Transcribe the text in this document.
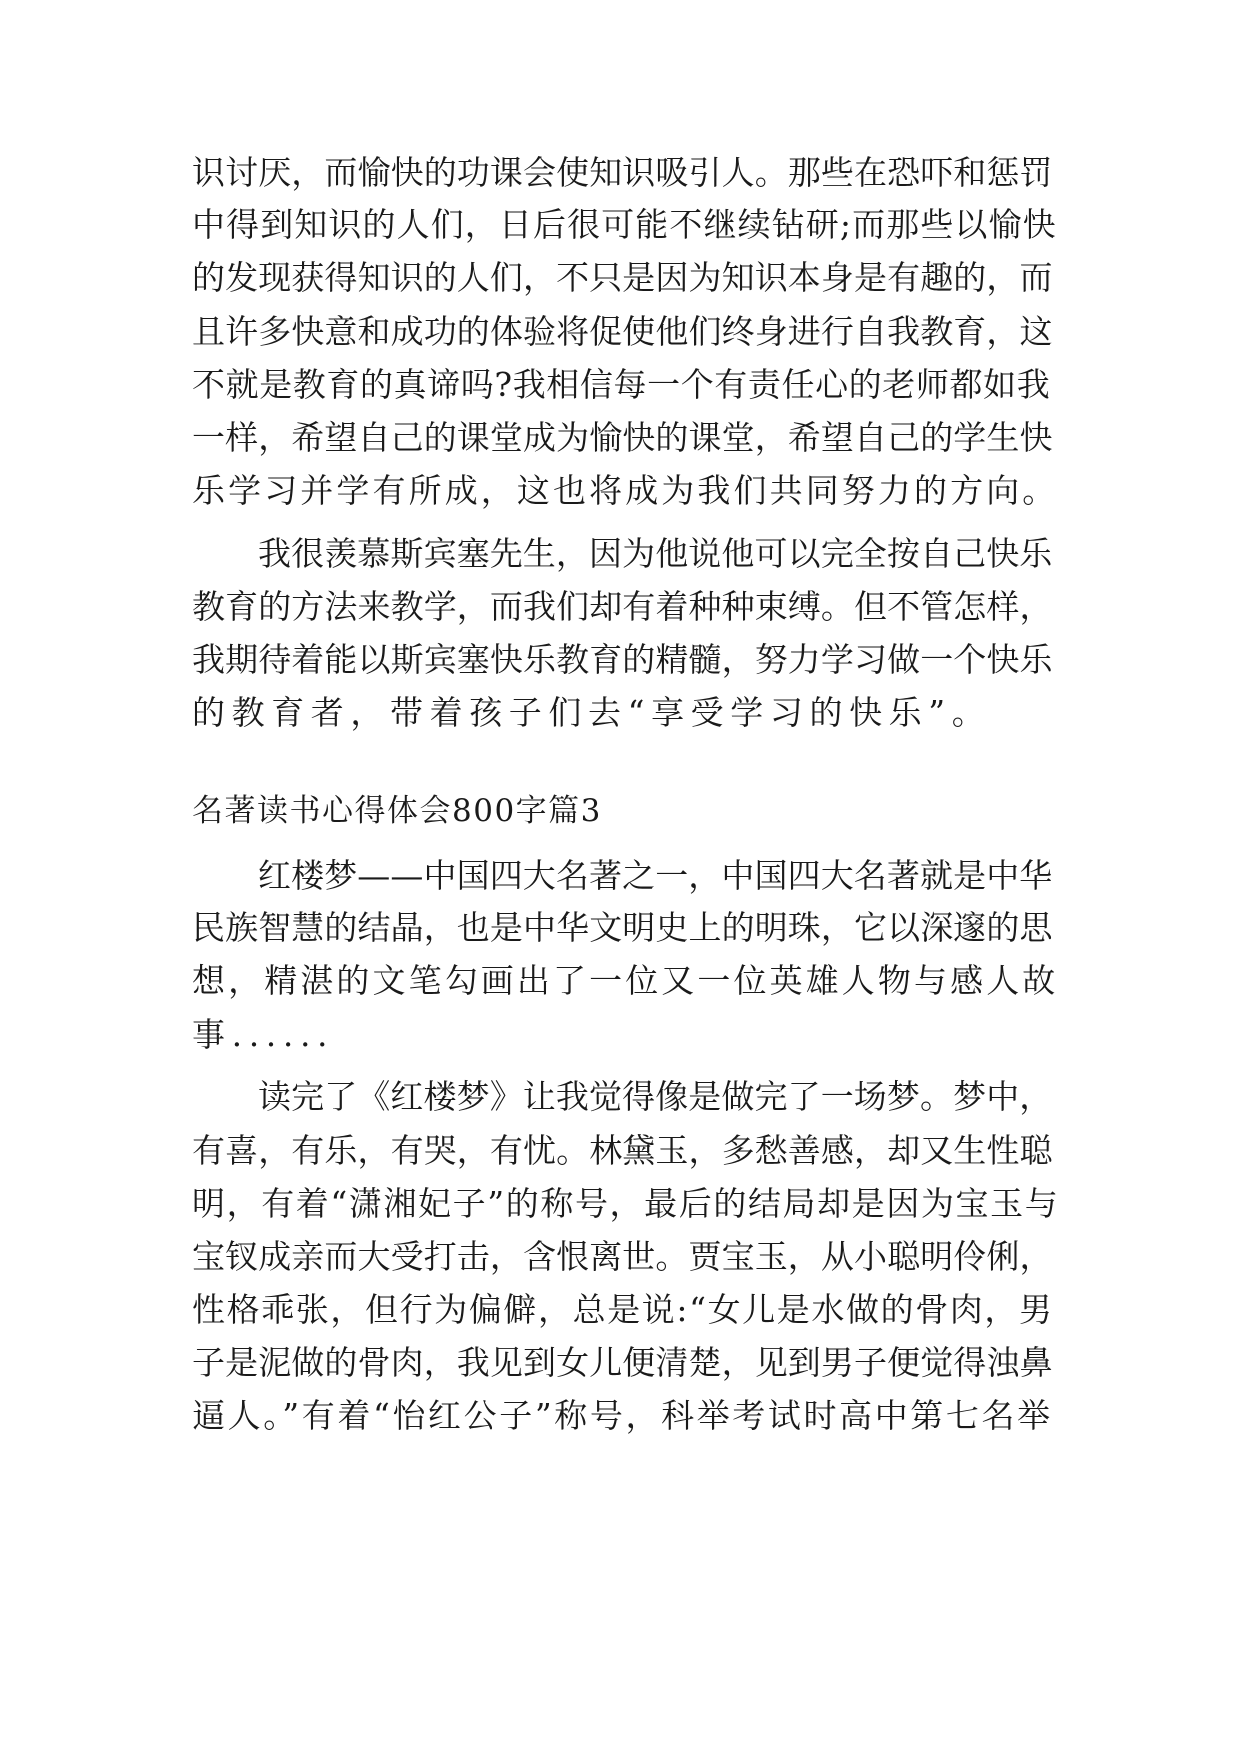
识讨厌，而愉快的功课会使知识吸引人。那些在恐吓和惩罚
中得到知识的人们，日后很可能不继续钻研;而那些以愉快
的发现获得知识的人们，不只是因为知识本身是有趣的，而
且许多快意和成功的体验将促使他们终身进行自我教育，这
不就是教育的真谛吗?我相信每一个有责任心的老师都如我
一样，希望自己的课堂成为愉快的课堂，希望自己的学生快
乐学习并学有所成，这也将成为我们共同努力的方向。
我很羡慕斯宾塞先生，因为他说他可以完全按自己快乐
教育的方法来教学，而我们却有着种种束缚。但不管怎样，
我期待着能以斯宾塞快乐教育的精髓，努力学习做一个快乐
的教育者，带着孩子们去“享受学习的快乐”。
名著读书心得体会800字篇3
红楼梦——中国四大名著之一，中国四大名著就是中华
民族智慧的结晶，也是中华文明史上的明珠，它以深邃的思
想，精湛的文笔勾画出了一位又一位英雄人物与感人故
事......
读完了《红楼梦》让我觉得像是做完了一场梦。梦中，
有喜，有乐，有哭，有忧。林黛玉，多愁善感，却又生性聪
明，有着“潇湘妃子”的称号，最后的结局却是因为宝玉与
宝钗成亲而大受打击，含恨离世。贾宝玉，从小聪明伶俐，
性格乖张，但行为偏僻，总是说:“女儿是水做的骨肉，男
子是泥做的骨肉，我见到女儿便清楚，见到男子便觉得浊鼻
逼人。”有着“怡红公子”称号，科举考试时高中第七名举
